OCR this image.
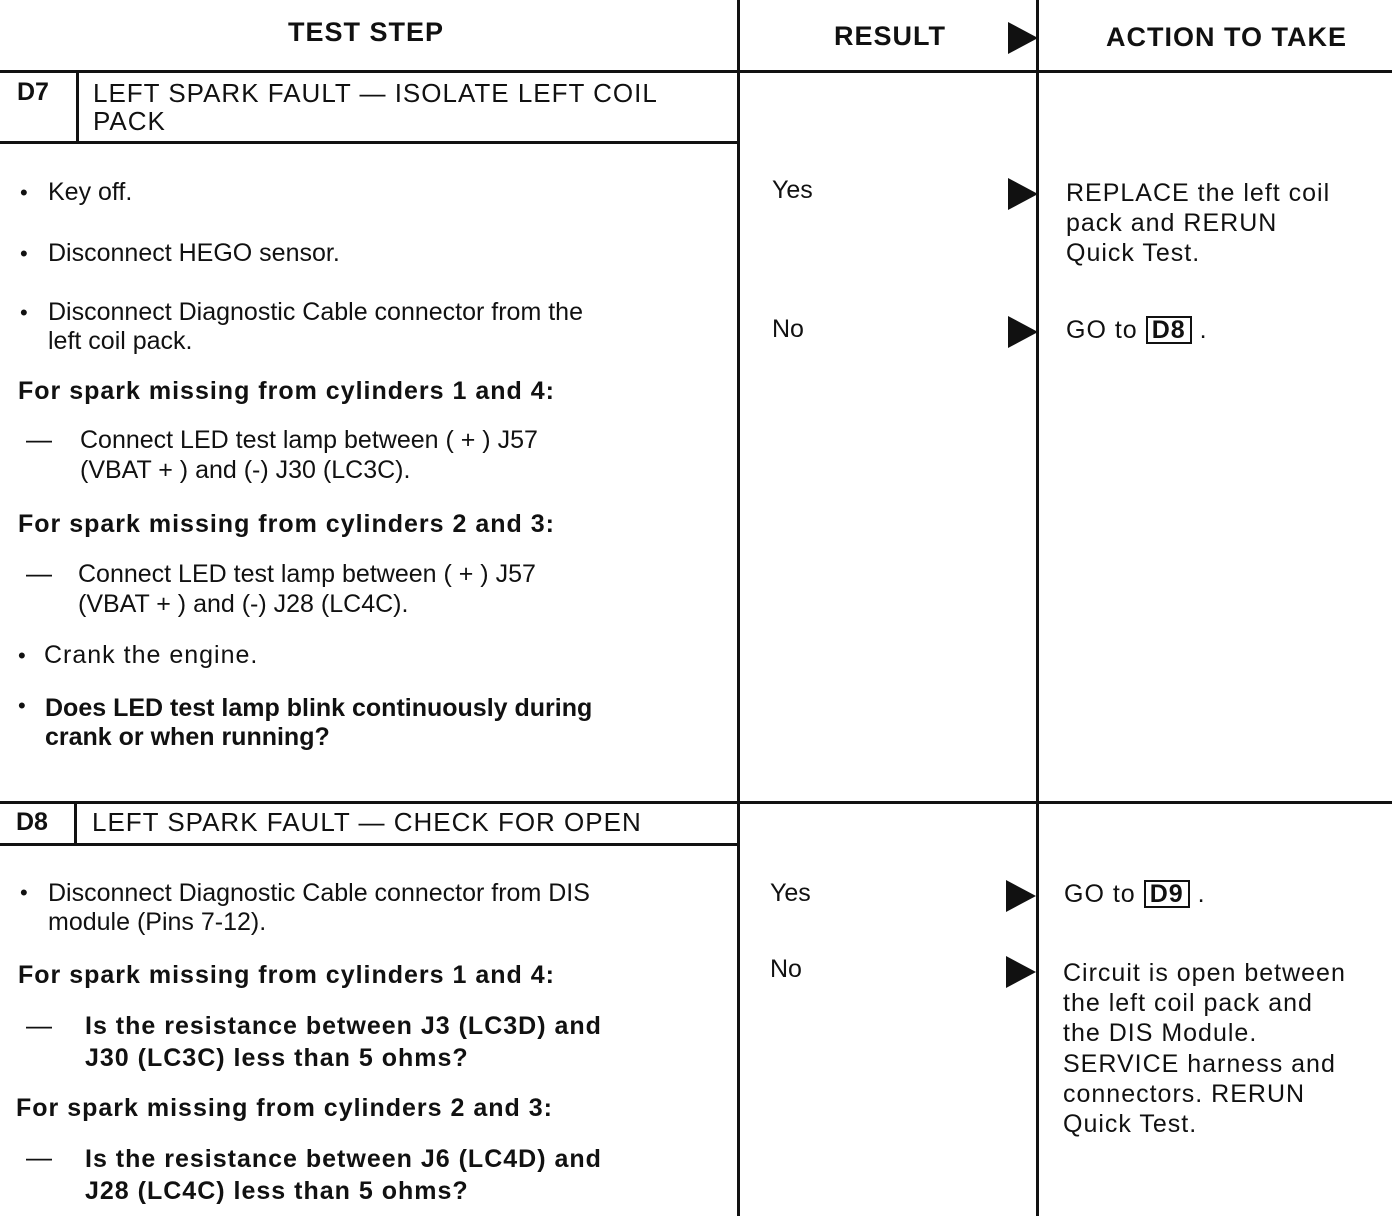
TEST STEP	RESULT	ACTION TO TAKE
D7 LEFT SPARK FAULT — ISOLATE LEFT COIL
PACK
• Key off.
• Disconnect HEGO sensor.
• Disconnect Diagnostic Cable connector from the
left coil pack.
For spark missing from cylinders 1 and 4:
— Connect LED test lamp between ( + ) J57
(VBAT + ) and (-) J30 (LC3C).
For spark missing from cylinders 2 and 3:
— Connect LED test lamp between ( + ) J57
(VBAT + ) and (-) J28 (LC4C).
• Crank the engine.
• Does LED test lamp blink continuously during
crank or when running?
Yes	REPLACE the left coil
pack and RERUN
Quick Test.
No	GO to D8 .
D8 LEFT SPARK FAULT — CHECK FOR OPEN
• Disconnect Diagnostic Cable connector from DIS
module (Pins 7-12).
For spark missing from cylinders 1 and 4:
— Is the resistance between J3 (LC3D) and
J30 (LC3C) less than 5 ohms?
For spark missing from cylinders 2 and 3:
— Is the resistance between J6 (LC4D) and
J28 (LC4C) less than 5 ohms?
Yes	GO to D9 .
No	Circuit is open between
the left coil pack and
the DIS Module.
SERVICE harness and
connectors. RERUN
Quick Test.
